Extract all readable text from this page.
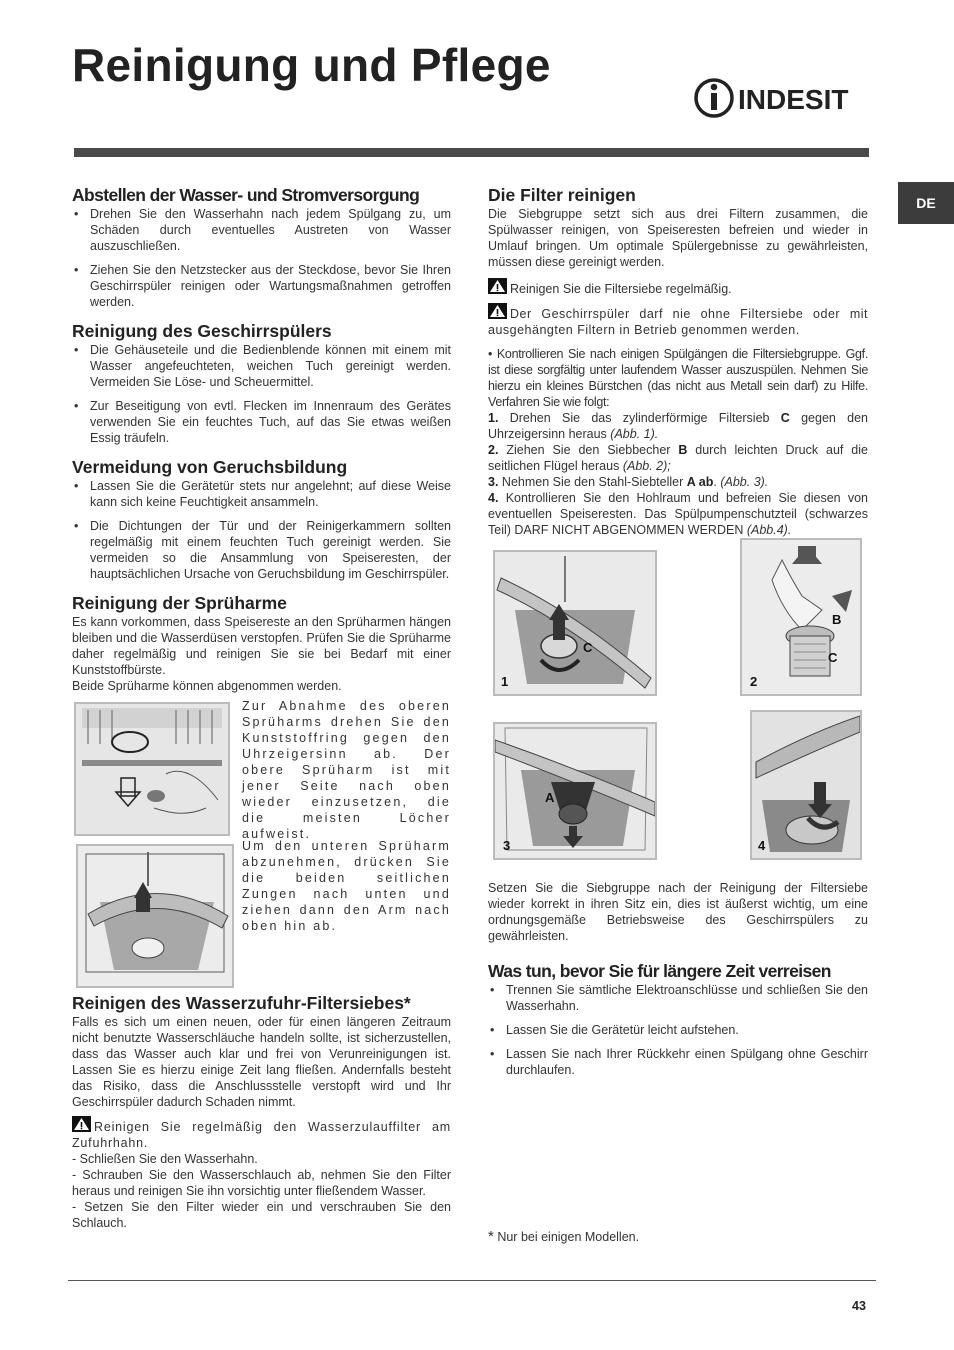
Reinigung und Pflege
INDESIT
DE
Abstellen der Wasser- und Stromversorgung
• Drehen Sie den Wasserhahn nach jedem Spülgang zu, um Schäden durch eventuelles Austreten von Wasser auszuschließen.
• Ziehen Sie den Netzstecker aus der Steckdose, bevor Sie Ihren Geschirrspüler reinigen oder Wartungsmaßnahmen getroffen werden.
Reinigung des Geschirrspülers
• Die Gehäuseteile und die Bedienblende können mit einem mit Wasser angefeuchteten, weichen Tuch gereinigt werden. Vermeiden Sie Löse- und Scheuermittel.
• Zur Beseitigung von evtl. Flecken im Innenraum des Gerätes verwenden Sie ein feuchtes Tuch, auf das Sie etwas weißen Essig träufeln.
Vermeidung von Geruchsbildung
• Lassen Sie die Gerätetür stets nur angelehnt; auf diese Weise kann sich keine Feuchtigkeit ansammeln.
• Die Dichtungen der Tür und der Reinigerkammern sollten regelmäßig mit einem feuchten Tuch gereinigt werden. Sie vermeiden so die Ansammlung von Speiseresten, der hauptsächlichen Ursache von Geruchsbildung im Geschirrspüler.
Reinigung der Sprüharme

Es kann vorkommen, dass Speisereste an den Sprüharmen hängen bleiben und die Wasserdüsen verstopfen. Prüfen Sie die Sprüharme daher regelmäßig und reinigen Sie sie bei Bedarf mit einer Kunststoffbürste.

Beide Sprüharme können abgenommen werden.

Zur Abnahme des oberen Sprüharms drehen Sie den Kunststoffring gegen den Uhrzeigersinn ab. Der obere Sprüharm ist mit jener Seite nach oben wieder einzusetzen, die die meisten Löcher aufweist.

Um den unteren Sprüharm abzunehmen, drücken Sie die beiden seitlichen Zungen nach unten und ziehen dann den Arm nach oben hin ab.

Reinigen des Wasserzufuhr-Filtersiebes*

Falls es sich um einen neuen, oder für einen längeren Zeitraum nicht benutzte Wasserschläuche handeln sollte, ist sicherzustellen, dass das Wasser auch klar und frei von Verunreinigungen ist. Lassen Sie es hierzu einige Zeit lang fließen. Andernfalls besteht das Risiko, dass die Anschlussstelle verstopft wird und Ihr Geschirrspüler dadurch Schaden nimmt.

Reinigen Sie regelmäßig den Wasserzulauffilter am Zufuhrhahn.

- Schließen Sie den Wasserhahn.

- Schrauben Sie den Wasserschlauch ab, nehmen Sie den Filter heraus und reinigen Sie ihn vorsichtig unter fließendem Wasser.

- Setzen Sie den Filter wieder ein und verschrauben Sie den Schlauch.

Die Filter reinigen

Die Siebgruppe setzt sich aus drei Filtern zusammen, die Spülwasser reinigen, von Speiseresten befreien und wieder in Umlauf bringen. Um optimale Spülergebnisse zu gewährleisten, müssen diese gereinigt werden.

Reinigen Sie die Filtersiebe regelmäßig.

Der Geschirrspüler darf nie ohne Filtersiebe oder mit ausgehängten Filtern in Betrieb genommen werden.

• Kontrollieren Sie nach einigen Spülgängen die Filtersiebgruppe. Ggf. ist diese sorgfältig unter laufendem Wasser auszuspülen. Nehmen Sie hierzu ein kleines Bürstchen (das nicht aus Metall sein darf) zu Hilfe. Verfahren Sie wie folgt:

1. Drehen Sie das zylinderförmige Filtersieb C gegen den Uhrzeigersinn heraus (Abb. 1).

2. Ziehen Sie den Siebbecher B durch leichten Druck auf die seitlichen Flügel heraus (Abb. 2);

3. Nehmen Sie den Stahl-Siebteller A ab. (Abb. 3).

4. Kontrollieren Sie den Hohlraum und befreien Sie diesen von eventuellen Speiseresten. Das Spülpumpenschutzteil (schwarzes Teil) DARF NICHT ABGENOMMEN WERDEN (Abb.4).

C
1
B
C
2
A
3	4

Setzen Sie die Siebgruppe nach der Reinigung der Filtersiebe wieder korrekt in ihren Sitz ein, dies ist äußerst wichtig, um eine ordnungsgemäße Betriebsweise des Geschirrspülers zu gewährleisten.

Was tun, bevor Sie für längere Zeit verreisen
• Trennen Sie sämtliche Elektroanschlüsse und schließen Sie den Wasserhahn.
• Lassen Sie die Gerätetür leicht aufstehen.
• Lassen Sie nach Ihrer Rückkehr einen Spülgang ohne Geschirr durchlaufen.
* Nur bei einigen Modellen.
43
